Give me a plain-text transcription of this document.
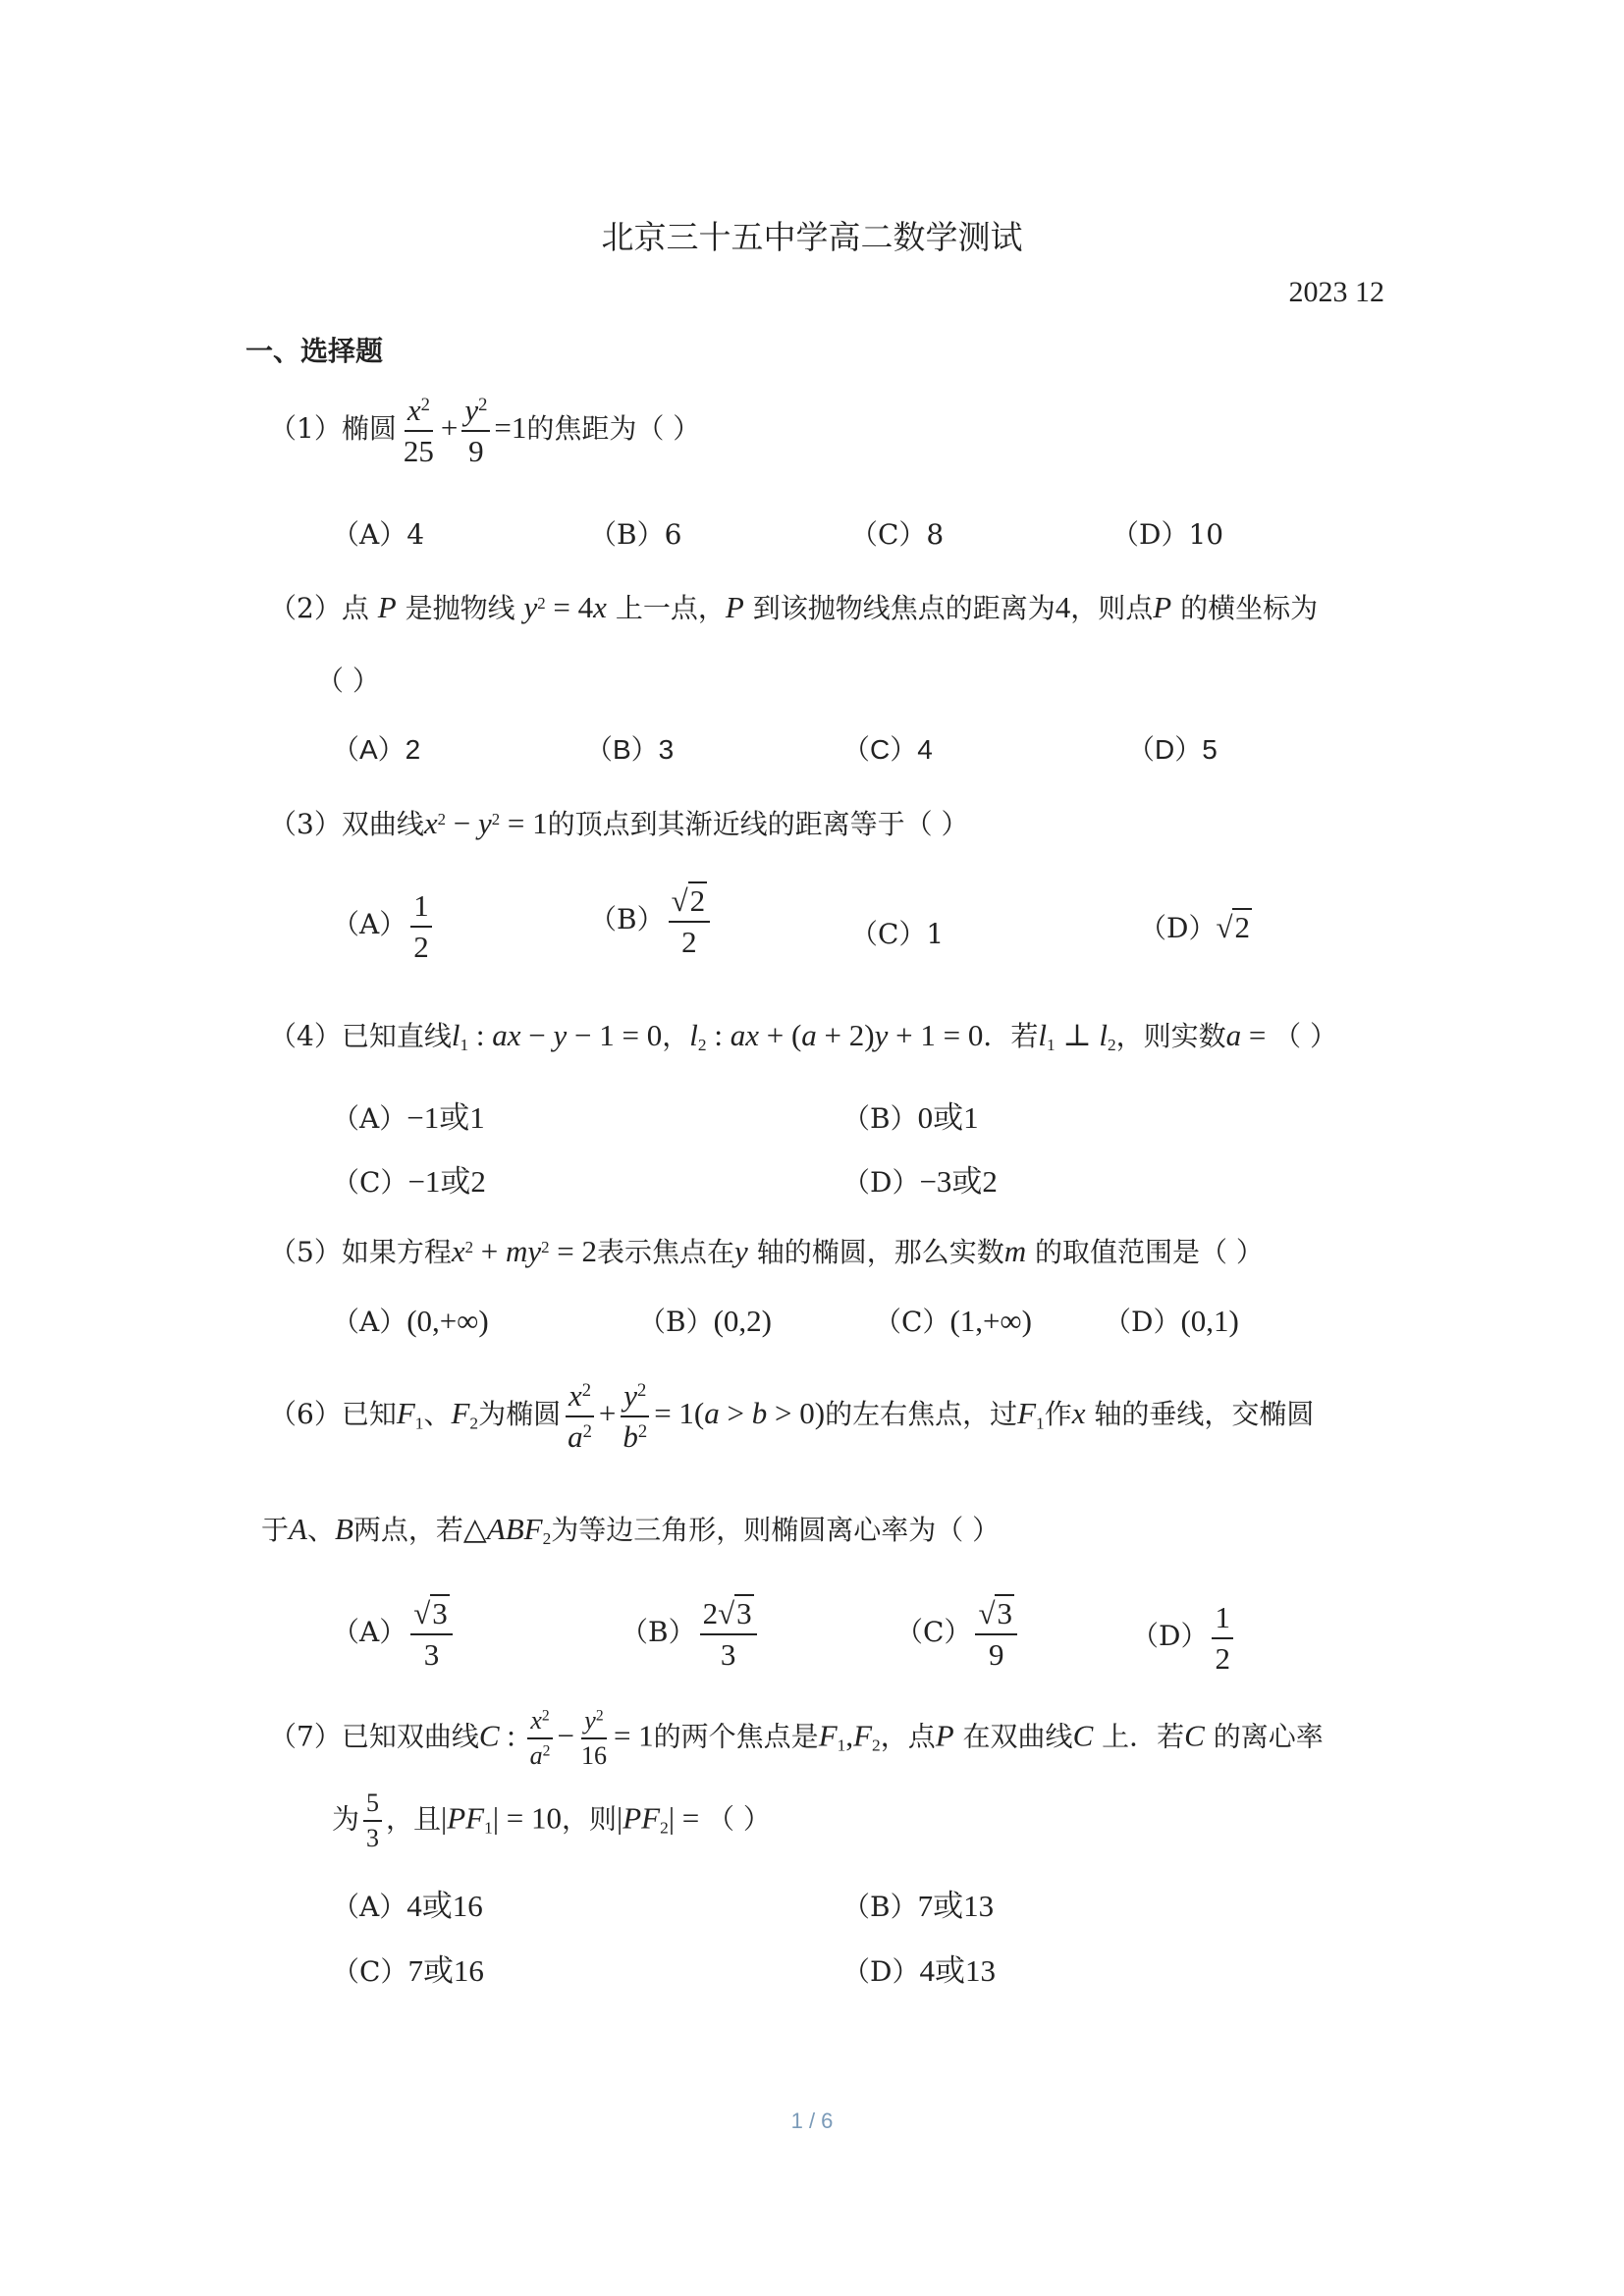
北京三十五中学高二数学测试
2023 12
一、选择题
（1）椭圆 $\frac{x^2}{25} + \frac{y^2}{9} =1$的焦距为（ ）
（A）4	（B）6	（C）8	（D）10
（2）点 P 是抛物线 $y^2 = 4x$ 上一点，P 到该抛物线焦点的距离为4，则点P 的横坐标为
（ ）
（A）2	（B）3	（C）4	（D）5
（3）双曲线$x^2 - y^2 = 1$的顶点到其渐近线的距离等于（ ）
$(A) \frac{1}{2}$	$(B) \frac{√2}{2}$	（C）1	（D）√2
（4）已知直线$l_1$ : ax − y − 1 = 0，$l_2$ : ax + (a + 2)y + 1 = 0．若$l_1$ ⊥ $l_2$，则实数a = （ ）
（A）−1或1	（B）0或1
（C）−1或2	（D）−3或2
（5）如果方程$x^2 + my^2 = 2$表示焦点在y 轴的椭圆，那么实数m 的取值范围是（ ）
（A）(0,+∞)	（B）(0,2)	（C）(1,+∞)	（D）(0,1)
（6）已知$F_1$、$F_2$为椭圆 $\frac{x^2}{a^2} + \frac{y^2}{b^2} = 1(a > b > 0)$的左右焦点，过$F_1$作x 轴的垂线，交椭圆
于A、B两点，若$\triangle ABF_2$为等边三角形，则椭圆离心率为（ ）
$(A) \frac{√3}{3}$	$(B) \frac{2√3}{3}$	$(C) \frac{√3}{9}$	$(D) \frac{1}{2}$
（7）已知双曲线C : $\frac{x^2}{a^2} - \frac{y^2}{16} = 1$的两个焦点是$F_1,F_2$，点P 在双曲线C 上．若C 的离心率
为 $\frac{5}{3}$ ，且$|PF_1| = 10$，则$|PF_2|$ = （ ）
（A）4或16	（B）7或13
（C）7或16	（D）4或13
1 / 6
